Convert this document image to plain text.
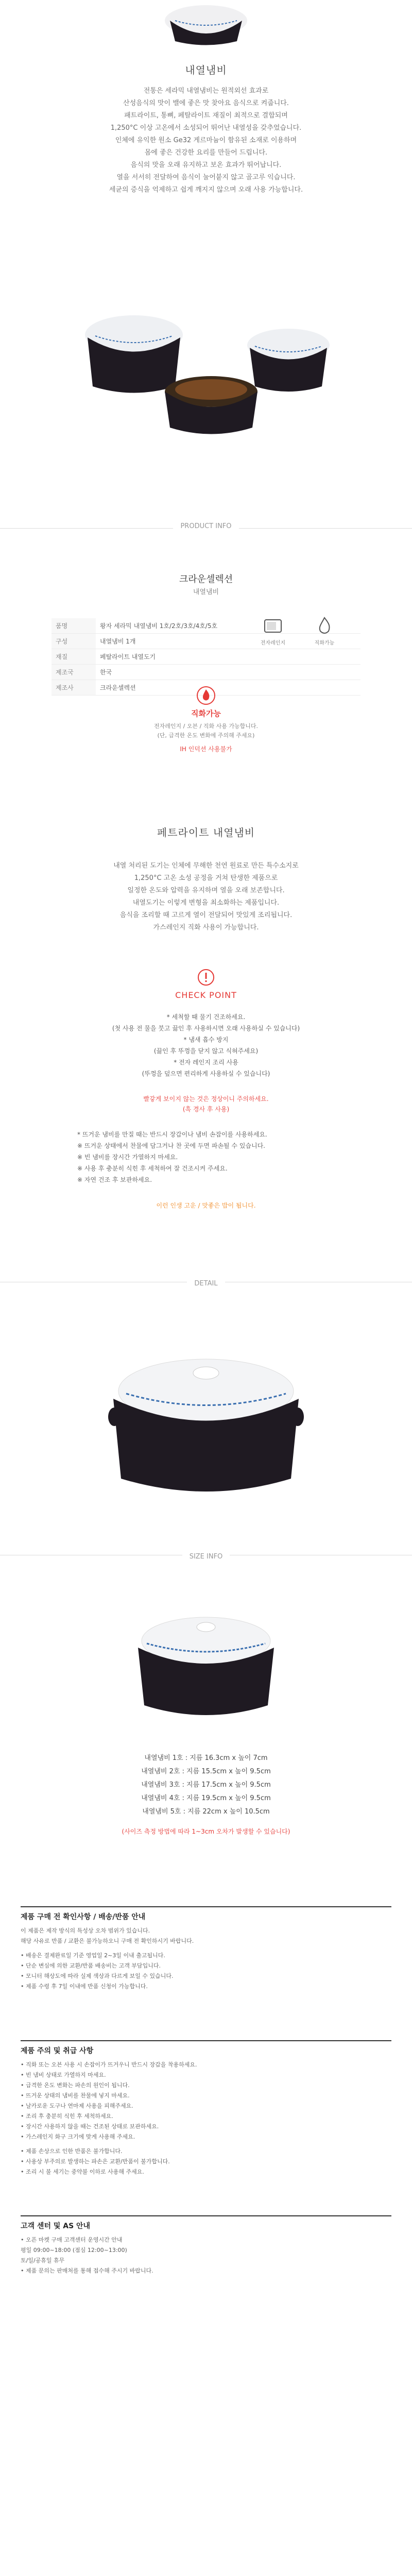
내열냄비
전통은 세라믹 내열냄비는 원적외선 효과로
산성음식의 맛이 밸에 좋은 맛 찾아요 음식으로 켜줍니다.
패트라이트, 통뼈, 페탈라이트 재질이 최적으로 결합되며
1,250°C 이상 고온에서 소성되어 뛰어난 내열성을 갖추었습니다.
인체에 유익한 원소 Ge32 게르마늄이 함유된 소재로 이용하며
몸에 좋은 건강한 요리를 만들어 드립니다.
음식의 맛을 오래 유지하고 보온 효과가 뛰어납니다.
열을 서서히 전달하여 음식이 눌어붙지 않고 골고루 익습니다.
세균의 증식을 억제하고 쉽게 깨지지 않으며 오래 사용 가능합니다.
PRODUCT INFO
크라운셀렉션
내열냄비
품명	왕자 세라믹 내열냄비 1호/2호/3호/4호/5호
구성	내열냄비 1개
재질	페탈라이트 내열도기
제조국	한국
제조사	크라운셀렉션
전자레인지	직화가능
직화가능
전자레인지 / 오븐 / 직화 사용 가능합니다.
(단, 급격한 온도 변화에 주의해 주세요)
IH 인덕션 사용불가
페트라이트 내열냄비
내열 처리된 도기는 인체에 무해한 천연 원료로 만든 특수소지로
1,250°C 고온 소성 공정을 거쳐 탄생한 제품으로
일정한 온도와 압력을 유지하며 열을 오래 보존합니다.
내열도기는 이렇게 변형을 최소화하는 제품입니다.
음식을 조리할 때 고르게 열이 전달되어 맛있게 조리됩니다.
가스레인지 직화 사용이 가능합니다.
CHECK POINT
* 세척할 때 물기 건조하세요.
(첫 사용 전 물을 붓고 끓인 후 사용하시면 오래 사용하실 수 있습니다)
* 냄새 흡수 방지
(끓인 후 뚜껑을 닫지 않고 식혀주세요)
* 전자 레인지 조리 사용
(뚜껑을 덮으면 편리하게 사용하실 수 있습니다)
빨갛게 보이지 않는 것은 정상이니 주의하세요.
(흑 경사 후 사용)
* 뜨거운 냄비를 만질 때는 반드시 장갑이나 냄비 손잡이를 사용하세요.
※ 뜨거운 상태에서 찬물에 담그거나 찬 곳에 두면 파손될 수 있습니다.
※ 빈 냄비를 장시간 가열하지 마세요.
※ 사용 후 충분히 식힌 후 세척하여 잘 건조시켜 주세요.
※ 자연 건조 후 보관하세요.
이런 인생 고운 / 맛좋은 밥이 됩니다.
DETAIL
SIZE INFO
내열냄비 1호 : 지름 16.3cm x 높이 7cm
내열냄비 2호 : 지름 15.5cm x 높이 9.5cm
내열냄비 3호 : 지름 17.5cm x 높이 9.5cm
내열냄비 4호 : 지름 19.5cm x 높이 9.5cm
내열냄비 5호 : 지름 22cm x 높이 10.5cm
(사이즈 측정 방법에 따라 1~3cm 오차가 발생할 수 있습니다)
제품 구매 전 확인사항 / 배송/반품 안내
이 제품은 제작 방식의 특성상 오차 범위가 있습니다.
해당 사유로 반품 / 교환은 불가능하오니 구매 전 확인하시기 바랍니다.
• 배송은 결제완료일 기준 영업일 2~3일 이내 출고됩니다.
• 단순 변심에 의한 교환/반품 배송비는 고객 부담입니다.
• 모니터 해상도에 따라 실제 색상과 다르게 보일 수 있습니다.
• 제품 수령 후 7일 이내에 반품 신청이 가능합니다.
제품 주의 및 취급 사항
• 직화 또는 오븐 사용 시 손잡이가 뜨거우니 반드시 장갑을 착용하세요.
• 빈 냄비 상태로 가열하지 마세요.
• 급격한 온도 변화는 파손의 원인이 됩니다.
• 뜨거운 상태의 냄비를 찬물에 넣지 마세요.
• 날카로운 도구나 연마제 사용을 피해주세요.
• 조리 후 충분히 식힌 후 세척하세요.
• 장시간 사용하지 않을 때는 건조된 상태로 보관하세요.
• 가스레인지 화구 크기에 맞게 사용해 주세요.
• 제품 손상으로 인한 반품은 불가합니다.
• 사용상 부주의로 발생하는 파손은 교환/반품이 불가합니다.
• 조리 시 불 세기는 중약불 이하로 사용해 주세요.
고객 센터 및 AS 안내
• 오픈 마켓 구매 고객센터 운영시간 안내
평일 09:00~18:00 (점심 12:00~13:00)
토/일/공휴일 휴무
• 제품 문의는 판매처를 통해 접수해 주시기 바랍니다.
